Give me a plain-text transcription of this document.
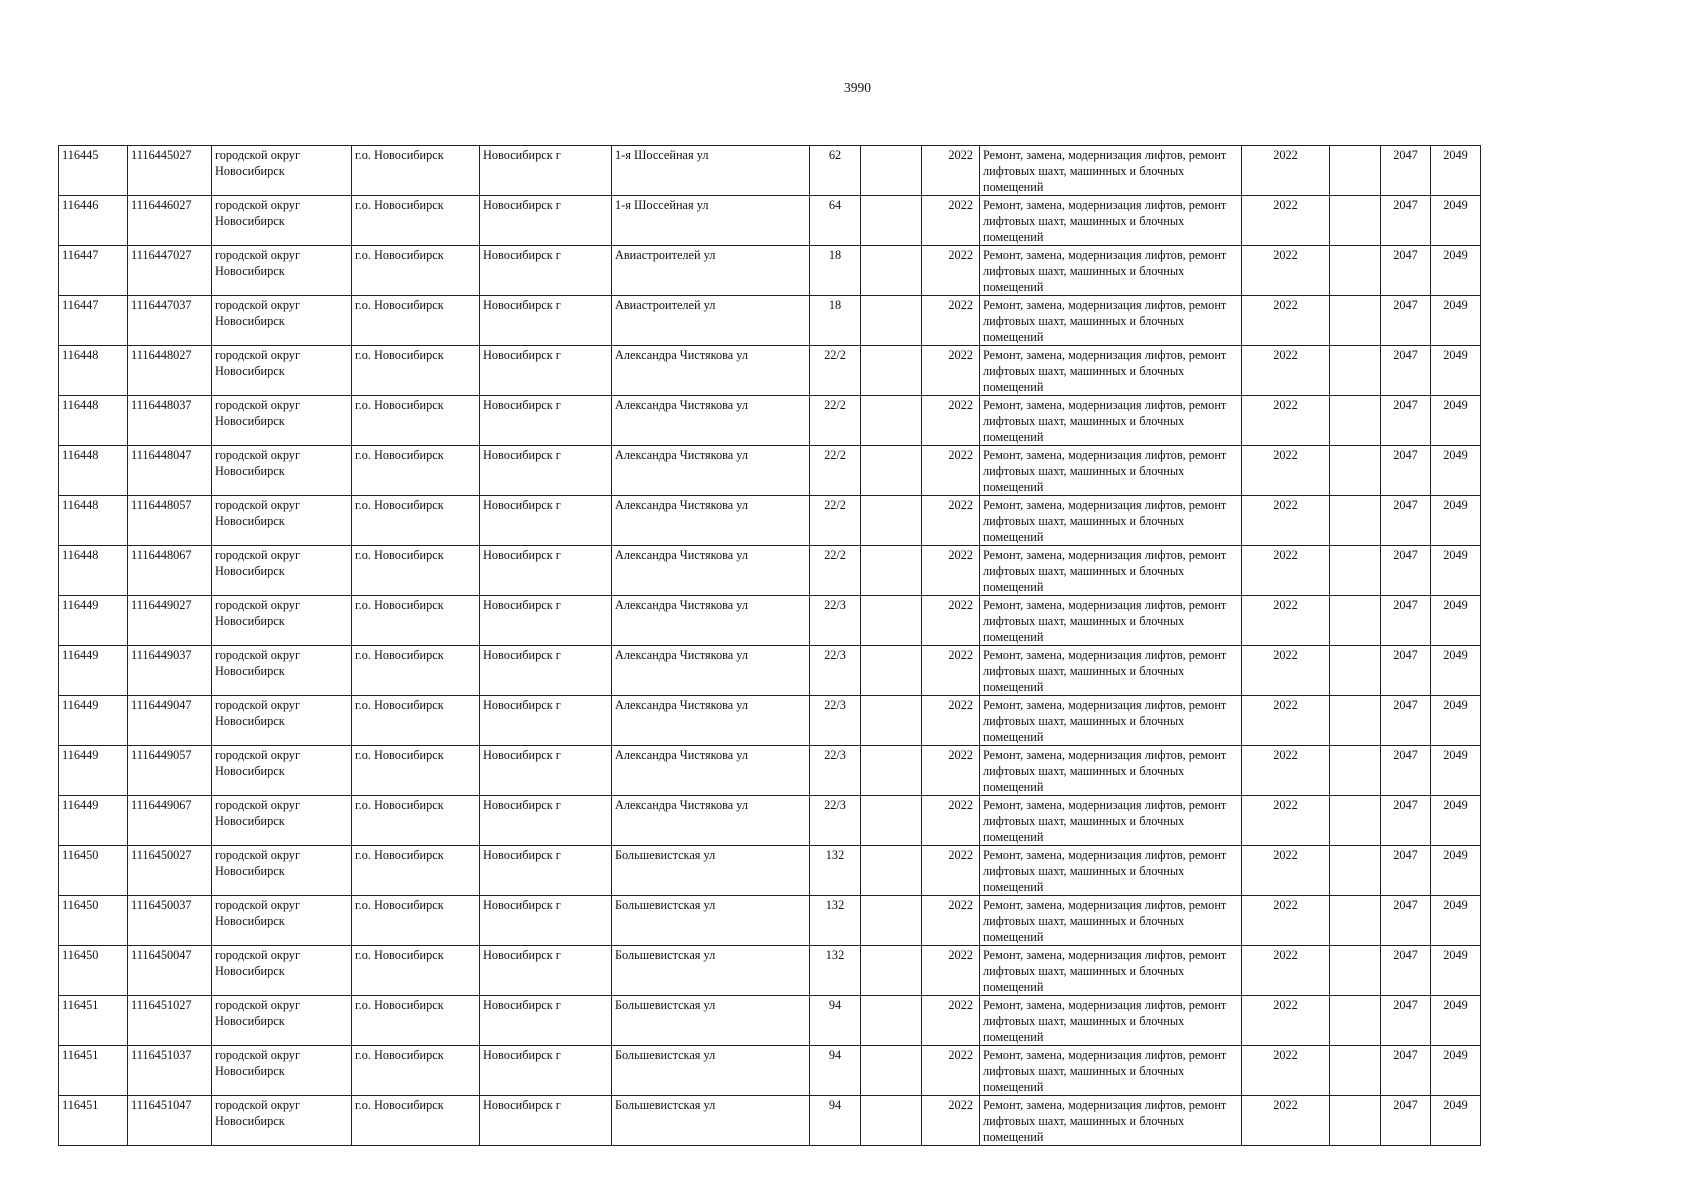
3990
116445	1116445027	городской округ Новосибирск	г.о. Новосибирск	Новосибирск г	1-я Шоссейная ул	62		2022	Ремонт, замена, модернизация лифтов, ремонт лифтовых шахт, машинных и блочных помещений	2022		2047	2049
116446	1116446027	городской округ Новосибирск	г.о. Новосибирск	Новосибирск г	1-я Шоссейная ул	64		2022	Ремонт, замена, модернизация лифтов, ремонт лифтовых шахт, машинных и блочных помещений	2022		2047	2049
116447	1116447027	городской округ Новосибирск	г.о. Новосибирск	Новосибирск г	Авиастроителей ул	18		2022	Ремонт, замена, модернизация лифтов, ремонт лифтовых шахт, машинных и блочных помещений	2022		2047	2049
116447	1116447037	городской округ Новосибирск	г.о. Новосибирск	Новосибирск г	Авиастроителей ул	18		2022	Ремонт, замена, модернизация лифтов, ремонт лифтовых шахт, машинных и блочных помещений	2022		2047	2049
116448	1116448027	городской округ Новосибирск	г.о. Новосибирск	Новосибирск г	Александра Чистякова ул	22/2		2022	Ремонт, замена, модернизация лифтов, ремонт лифтовых шахт, машинных и блочных помещений	2022		2047	2049
116448	1116448037	городской округ Новосибирск	г.о. Новосибирск	Новосибирск г	Александра Чистякова ул	22/2		2022	Ремонт, замена, модернизация лифтов, ремонт лифтовых шахт, машинных и блочных помещений	2022		2047	2049
116448	1116448047	городской округ Новосибирск	г.о. Новосибирск	Новосибирск г	Александра Чистякова ул	22/2		2022	Ремонт, замена, модернизация лифтов, ремонт лифтовых шахт, машинных и блочных помещений	2022		2047	2049
116448	1116448057	городской округ Новосибирск	г.о. Новосибирск	Новосибирск г	Александра Чистякова ул	22/2		2022	Ремонт, замена, модернизация лифтов, ремонт лифтовых шахт, машинных и блочных помещений	2022		2047	2049
116448	1116448067	городской округ Новосибирск	г.о. Новосибирск	Новосибирск г	Александра Чистякова ул	22/2		2022	Ремонт, замена, модернизация лифтов, ремонт лифтовых шахт, машинных и блочных помещений	2022		2047	2049
116449	1116449027	городской округ Новосибирск	г.о. Новосибирск	Новосибирск г	Александра Чистякова ул	22/3		2022	Ремонт, замена, модернизация лифтов, ремонт лифтовых шахт, машинных и блочных помещений	2022		2047	2049
116449	1116449037	городской округ Новосибирск	г.о. Новосибирск	Новосибирск г	Александра Чистякова ул	22/3		2022	Ремонт, замена, модернизация лифтов, ремонт лифтовых шахт, машинных и блочных помещений	2022		2047	2049
116449	1116449047	городской округ Новосибирск	г.о. Новосибирск	Новосибирск г	Александра Чистякова ул	22/3		2022	Ремонт, замена, модернизация лифтов, ремонт лифтовых шахт, машинных и блочных помещений	2022		2047	2049
116449	1116449057	городской округ Новосибирск	г.о. Новосибирск	Новосибирск г	Александра Чистякова ул	22/3		2022	Ремонт, замена, модернизация лифтов, ремонт лифтовых шахт, машинных и блочных помещений	2022		2047	2049
116449	1116449067	городской округ Новосибирск	г.о. Новосибирск	Новосибирск г	Александра Чистякова ул	22/3		2022	Ремонт, замена, модернизация лифтов, ремонт лифтовых шахт, машинных и блочных помещений	2022		2047	2049
116450	1116450027	городской округ Новосибирск	г.о. Новосибирск	Новосибирск г	Большевистская ул	132		2022	Ремонт, замена, модернизация лифтов, ремонт лифтовых шахт, машинных и блочных помещений	2022		2047	2049
116450	1116450037	городской округ Новосибирск	г.о. Новосибирск	Новосибирск г	Большевистская ул	132		2022	Ремонт, замена, модернизация лифтов, ремонт лифтовых шахт, машинных и блочных помещений	2022		2047	2049
116450	1116450047	городской округ Новосибирск	г.о. Новосибирск	Новосибирск г	Большевистская ул	132		2022	Ремонт, замена, модернизация лифтов, ремонт лифтовых шахт, машинных и блочных помещений	2022		2047	2049
116451	1116451027	городской округ Новосибирск	г.о. Новосибирск	Новосибирск г	Большевистская ул	94		2022	Ремонт, замена, модернизация лифтов, ремонт лифтовых шахт, машинных и блочных помещений	2022		2047	2049
116451	1116451037	городской округ Новосибирск	г.о. Новосибирск	Новосибирск г	Большевистская ул	94		2022	Ремонт, замена, модернизация лифтов, ремонт лифтовых шахт, машинных и блочных помещений	2022		2047	2049
116451	1116451047	городской округ Новосибирск	г.о. Новосибирск	Новосибирск г	Большевистская ул	94		2022	Ремонт, замена, модернизация лифтов, ремонт лифтовых шахт, машинных и блочных помещений	2022		2047	2049
